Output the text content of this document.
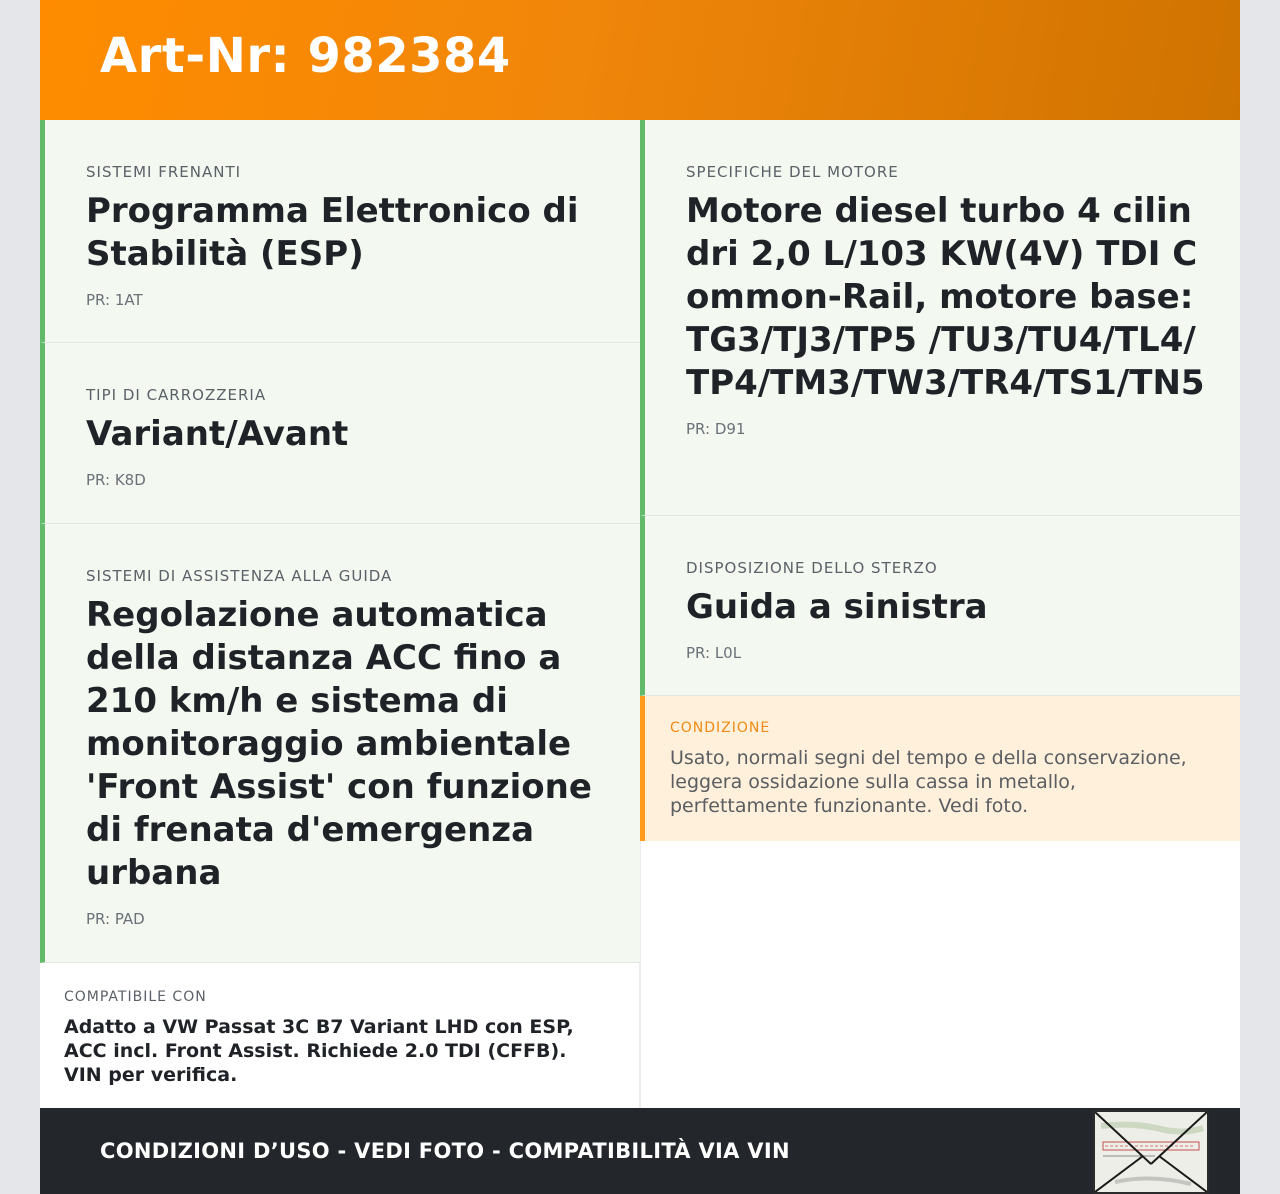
Art-Nr: 982384
SISTEMI FRENANTI
Programma Elettronico di Stabilità (ESP)
PR: 1AT
TIPI DI CARROZZERIA
Variant/Avant
PR: K8D
SISTEMI DI ASSISTENZA ALLA GUIDA
Regolazione automatica della distanza ACC fino a 210 km/h e sistema di monitoraggio ambientale 'Front Assist' con funzione di frenata d'emergenza urbana
PR: PAD
COMPATIBILE CON
Adatto a VW Passat 3C B7 Variant LHD con ESP, ACC incl. Front Assist. Richiede 2.0 TDI (CFFB). VIN per verifica.
SPECIFICHE DEL MOTORE
Motore diesel turbo 4 cilindri 2,0 L/103 KW(4V) TDI Common-Rail, motore base: TG3/TJ3/TP5 /TU3/TU4/TL4/TP4/TM3/TW3/TR4/TS1/TN5
PR: D91
DISPOSIZIONE DELLO STERZO
Guida a sinistra
PR: L0L
CONDIZIONE
Usato, normali segni del tempo e della conservazione, leggera ossidazione sulla cassa in metallo, perfettamente funzionante. Vedi foto.
CONDIZIONI D’USO - VEDI FOTO - COMPATIBILITÀ VIA VIN
